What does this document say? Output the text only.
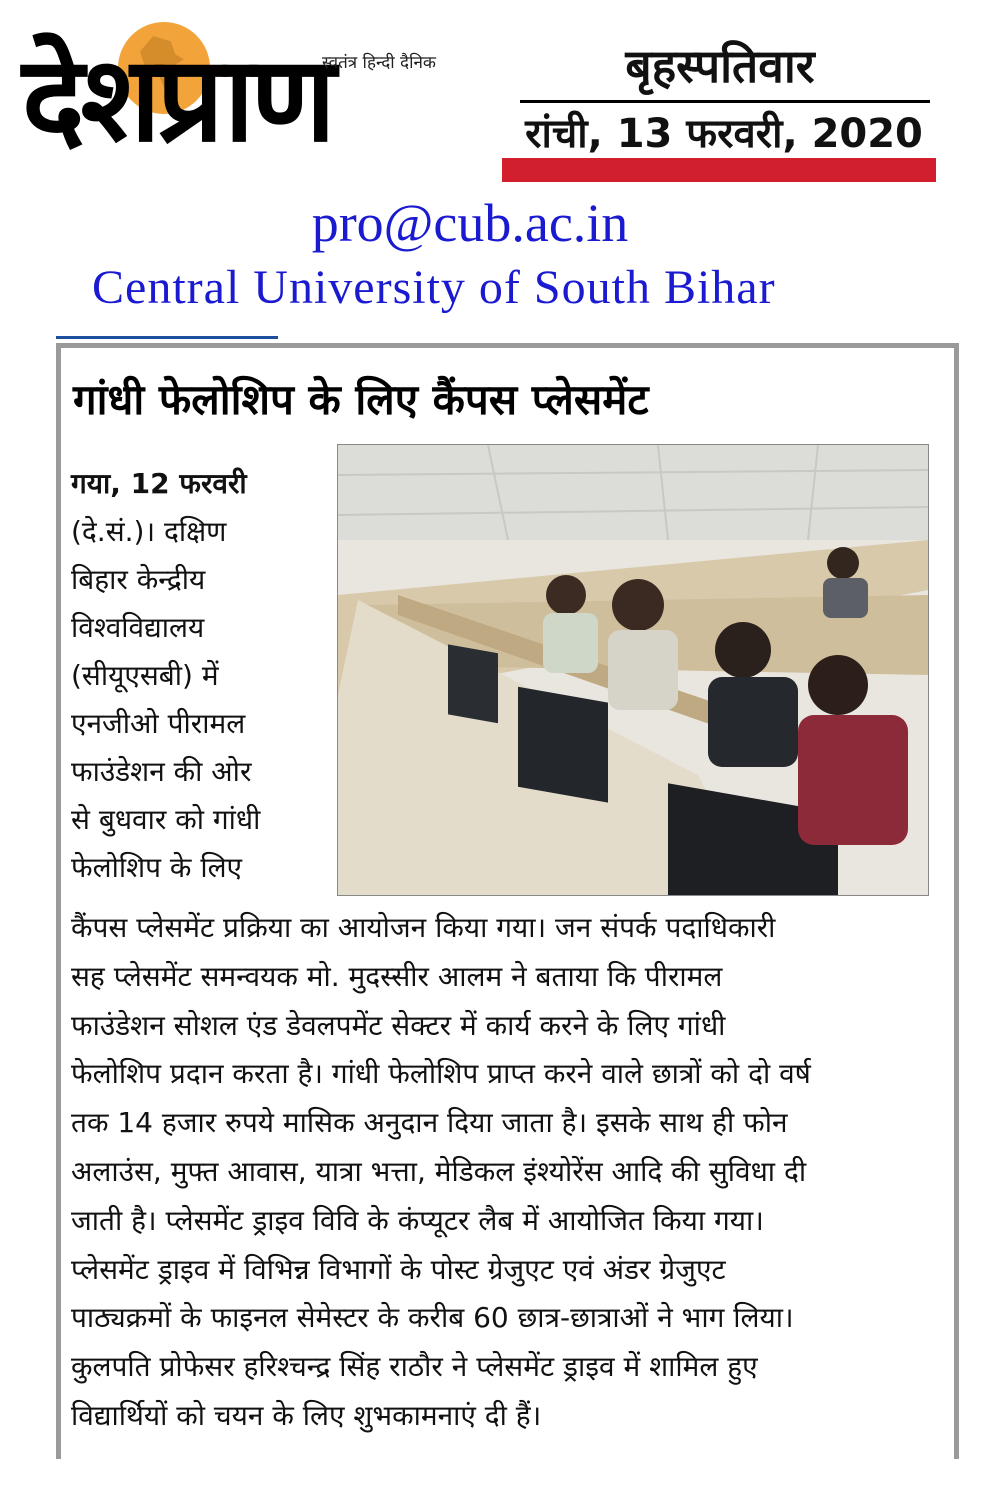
देशप्राण
स्वतंत्र हिन्दी दैनिक	बृहस्पतिवार
रांची, 13 फरवरी, 2020
pro@cub.ac.in
Central University of South Bihar
गांधी फेलोशिप के लिए कैंपस प्लेसमेंट

गया, 12 फरवरी

(दे.सं.)। दक्षिण

बिहार केन्द्रीय

विश्वविद्यालय

(सीयूएसबी) में

एनजीओ पीरामल

फाउंडेशन की ओर

से बुधवार को गांधी

फेलोशिप के लिए

कैंपस प्लेसमेंट प्रक्रिया का आयोजन किया गया। जन संपर्क पदाधिकारी
सह प्लेसमेंट समन्वयक मो. मुदस्सीर आलम ने बताया कि पीरामल
फाउंडेशन सोशल एंड डेवलपमेंट सेक्टर में कार्य करने के लिए गांधी
फेलोशिप प्रदान करता है। गांधी फेलोशिप प्राप्त करने वाले छात्रों को दो वर्ष
तक 14 हजार रुपये मासिक अनुदान दिया जाता है। इसके साथ ही फोन
अलाउंस, मुफ्त आवास, यात्रा भत्ता, मेडिकल इंश्योरेंस आदि की सुविधा दी
जाती है। प्लेसमेंट ड्राइव विवि के कंप्यूटर लैब में आयोजित किया गया।
प्लेसमेंट ड्राइव में विभिन्न विभागों के पोस्ट ग्रेजुएट एवं अंडर ग्रेजुएट
पाठ्यक्रमों के फाइनल सेमेस्टर के करीब 60 छात्र-छात्राओं ने भाग लिया।
कुलपति प्रोफेसर हरिश्चन्द्र सिंह राठौर ने प्लेसमेंट ड्राइव में शामिल हुए
विद्यार्थियों को चयन के लिए शुभकामनाएं दी हैं।
